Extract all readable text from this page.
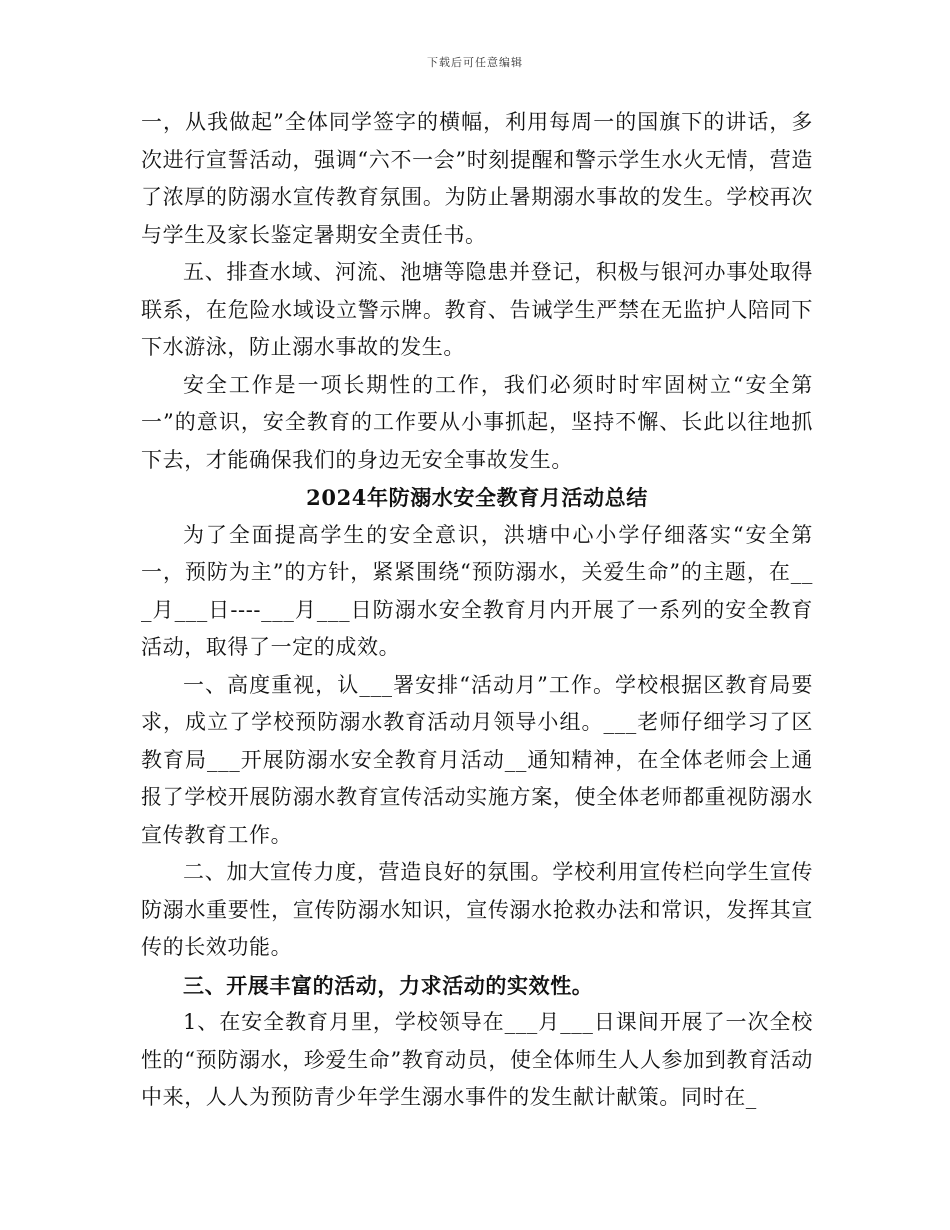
下载后可任意编辑

一，从我做起”全体同学签字的横幅，利用每周一的国旗下的讲话，多次进行宣誓活动，强调“六不一会”时刻提醒和警示学生水火无情，营造了浓厚的防溺水宣传教育氛围。为防止暑期溺水事故的发生。学校再次与学生及家长鉴定暑期安全责任书。

五、排查水域、河流、池塘等隐患并登记，积极与银河办事处取得联系，在危险水域设立警示牌。教育、告诫学生严禁在无监护人陪同下下水游泳，防止溺水事故的发生。

安全工作是一项长期性的工作，我们必须时时牢固树立“安全第一”的意识，安全教育的工作要从小事抓起，坚持不懈、长此以往地抓下去，才能确保我们的身边无安全事故发生。

2024年防溺水安全教育月活动总结

为了全面提高学生的安全意识，洪塘中心小学仔细落实“安全第一，预防为主”的方针，紧紧围绕“预防溺水，关爱生命”的主题，在___月___日----___月___日防溺水安全教育月内开展了一系列的安全教育活动，取得了一定的成效。

一、高度重视，认___署安排“活动月”工作。学校根据区教育局要求，成立了学校预防溺水教育活动月领导小组。___老师仔细学习了区教育局___开展防溺水安全教育月活动__通知精神，在全体老师会上通报了学校开展防溺水教育宣传活动实施方案，使全体老师都重视防溺水宣传教育工作。

二、加大宣传力度，营造良好的氛围。学校利用宣传栏向学生宣传防溺水重要性，宣传防溺水知识，宣传溺水抢救办法和常识，发挥其宣传的长效功能。

三、开展丰富的活动，力求活动的实效性。

1、在安全教育月里，学校领导在___月___日课间开展了一次全校性的“预防溺水，珍爱生命”教育动员，使全体师生人人参加到教育活动中来，人人为预防青少年学生溺水事件的发生献计献策。同时在_
